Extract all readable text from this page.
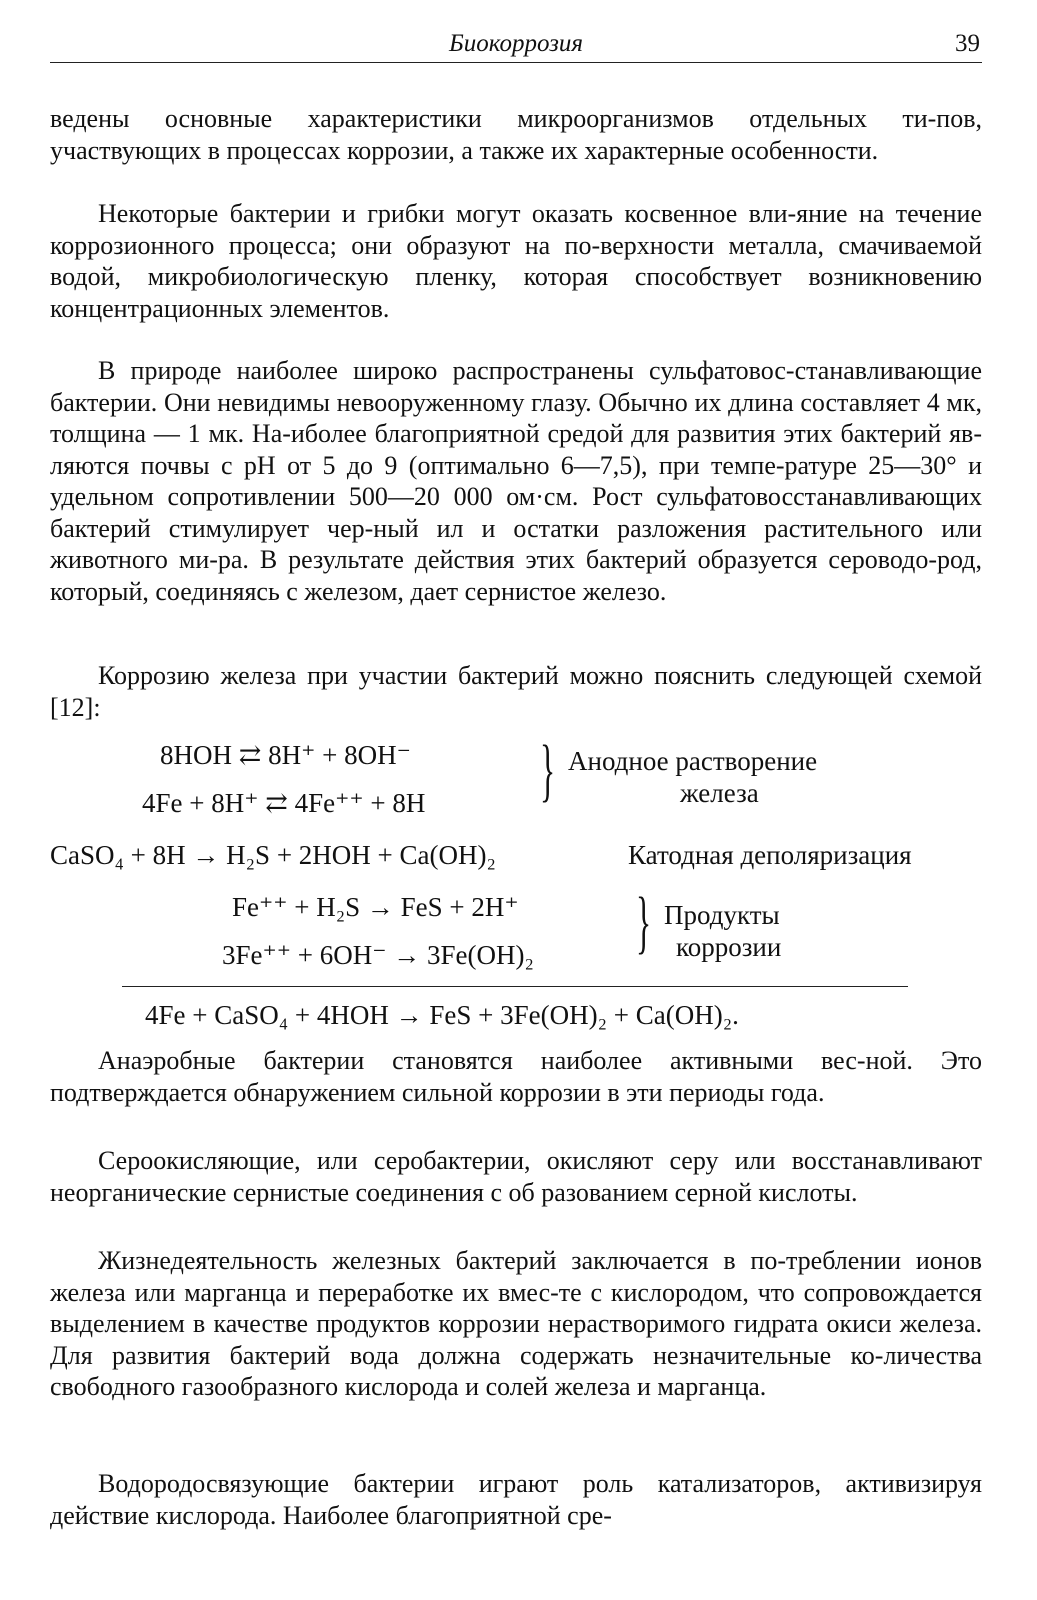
Биокоррозия	39

ведены основные характеристики микроорганизмов отдельных ти-пов, участвующих в процессах коррозии, а также их характерные особенности.

Некоторые бактерии и грибки могут оказать косвенное вли-яние на течение коррозионного процесса; они образуют на по-верхности металла, смачиваемой водой, микробиологическую пленку, которая способствует возникновению концентрационных элементов.

В природе наиболее широко распространены сульфатовос-станавливающие бактерии. Они невидимы невооруженному глазу. Обычно их длина составляет 4 мк, толщина — 1 мк. На-иболее благоприятной средой для развития этих бактерий яв-ляются почвы с рН от 5 до 9 (оптимально 6—7,5), при темпе-ратуре 25—30° и удельном сопротивлении 500—20 000 ом·см. Рост сульфатовосстанавливающих бактерий стимулирует чер-ный ил и остатки разложения растительного или животного ми-ра. В результате действия этих бактерий образуется сероводо-род, который, соединяясь с железом, дает сернистое железо.

Коррозию железа при участии бактерий можно пояснить следующей схемой [12]:

8HOH ⇄ 8H⁺ + 8OH⁻
4Fe + 8H⁺ ⇄ 4Fe⁺⁺ + 8H } Анодное растворение
железа
CaSO₄ + 8H → H₂S + 2HOH + Ca(OH)₂	Катодная деполяризация
Fe⁺⁺ + H₂S → FeS + 2H⁺
3Fe⁺⁺ + 6OH⁻ → 3Fe(OH)₂ } Продукты
коррозии
4Fe + CaSO₄ + 4HOH → FeS + 3Fe(OH)₂ + Ca(OH)₂.

Анаэробные бактерии становятся наиболее активными вес-ной. Это подтверждается обнаружением сильной коррозии в эти периоды года.

Сероокисляющие, или серобактерии, окисляют серу или восстанавливают неорганические сернистые соединения с об разованием серной кислоты.

Жизнедеятельность железных бактерий заключается в по-треблении ионов железа или марганца и переработке их вмес-те с кислородом, что сопровождается выделением в качестве продуктов коррозии нерастворимого гидрата окиси железа. Для развития бактерий вода должна содержать незначительные ко-личества свободного газообразного кислорода и солей железа и марганца.

Водородосвязующие бактерии играют роль катализаторов, активизируя действие кислорода. Наиболее благоприятной сре-
